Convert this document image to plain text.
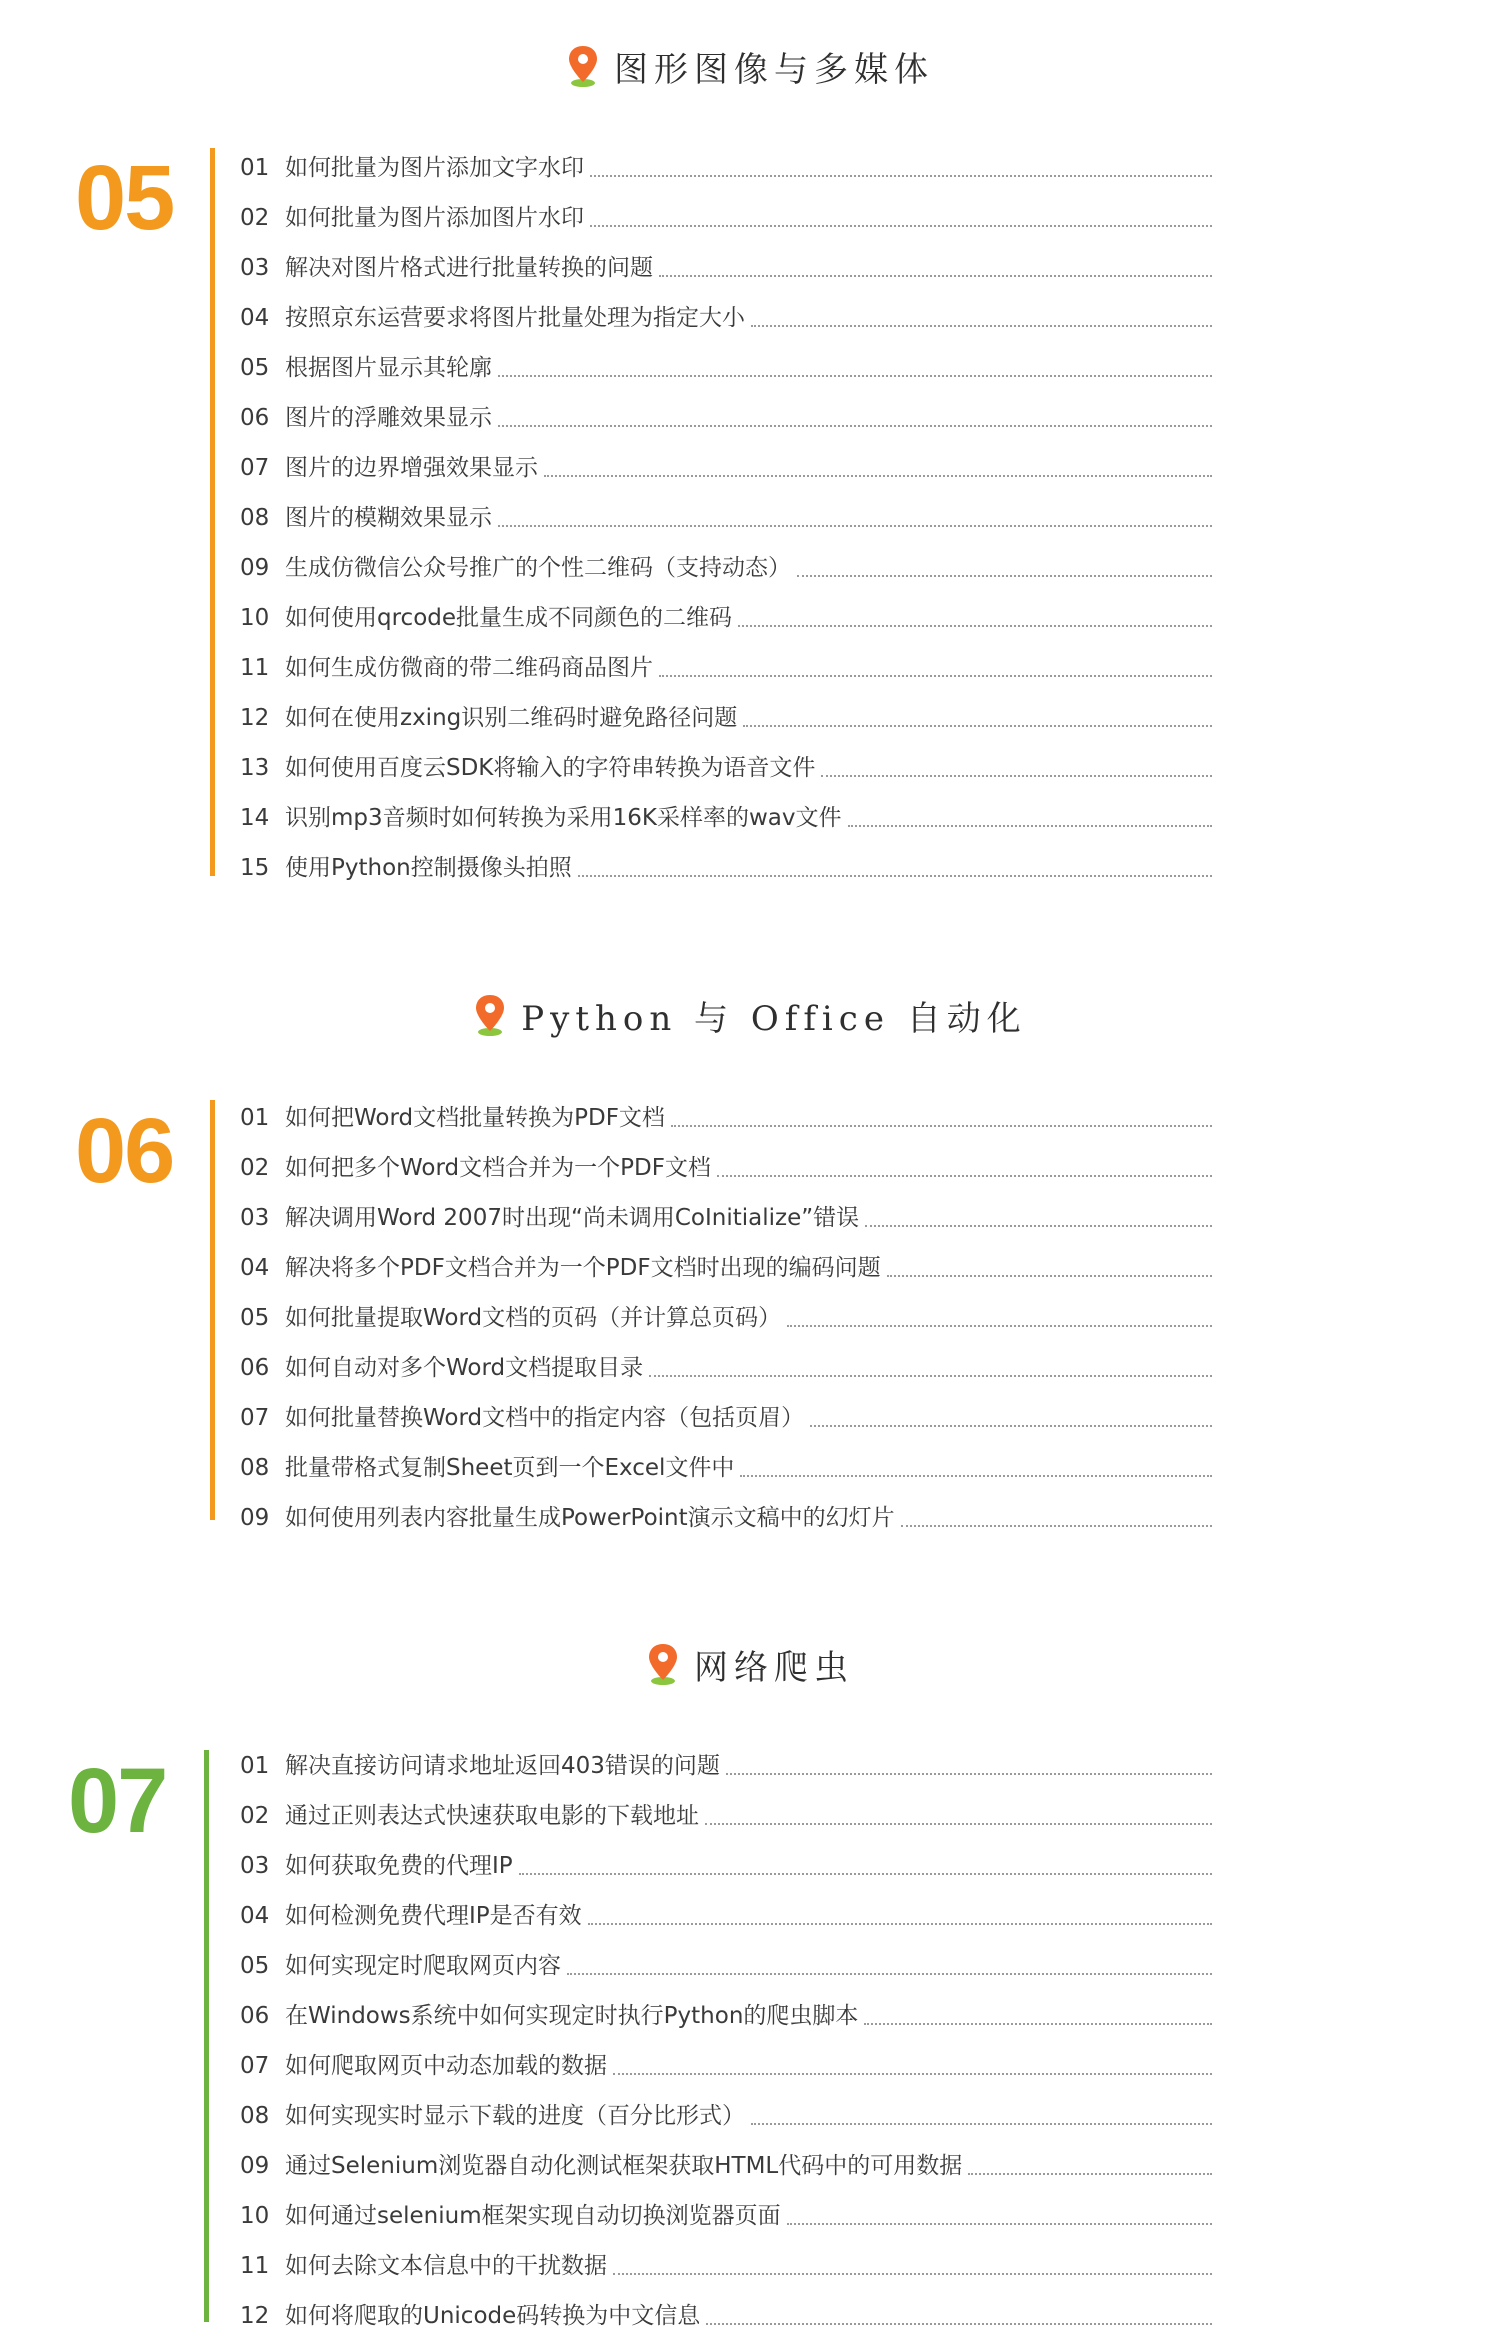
图形图像与多媒体
05	01 如何批量为图片添加文字水印
02 如何批量为图片添加图片水印
03 解决对图片格式进行批量转换的问题
04 按照京东运营要求将图片批量处理为指定大小
05 根据图片显示其轮廓
06 图片的浮雕效果显示
07 图片的边界增强效果显示
08 图片的模糊效果显示
09 生成仿微信公众号推广的个性二维码（支持动态）
10 如何使用qrcode批量生成不同颜色的二维码
11 如何生成仿微商的带二维码商品图片
12 如何在使用zxing识别二维码时避免路径问题
13 如何使用百度云SDK将输入的字符串转换为语音文件
14 识别mp3音频时如何转换为采用16K采样率的wav文件
15 使用Python控制摄像头拍照
Python 与 Office 自动化
06	01 如何把Word文档批量转换为PDF文档
02 如何把多个Word文档合并为一个PDF文档
03 解决调用Word 2007时出现“尚未调用CoInitialize”错误
04 解决将多个PDF文档合并为一个PDF文档时出现的编码问题
05 如何批量提取Word文档的页码（并计算总页码）
06 如何自动对多个Word文档提取目录
07 如何批量替换Word文档中的指定内容（包括页眉）
08 批量带格式复制Sheet页到一个Excel文件中
09 如何使用列表内容批量生成PowerPoint演示文稿中的幻灯片
网络爬虫
07	01 解决直接访问请求地址返回403错误的问题
02 通过正则表达式快速获取电影的下载地址
03 如何获取免费的代理IP
04 如何检测免费代理IP是否有效
05 如何实现定时爬取网页内容
06 在Windows系统中如何实现定时执行Python的爬虫脚本
07 如何爬取网页中动态加载的数据
08 如何实现实时显示下载的进度（百分比形式）
09 通过Selenium浏览器自动化测试框架获取HTML代码中的可用数据
10 如何通过selenium框架实现自动切换浏览器页面
11 如何去除文本信息中的干扰数据
12 如何将爬取的Unicode码转换为中文信息
